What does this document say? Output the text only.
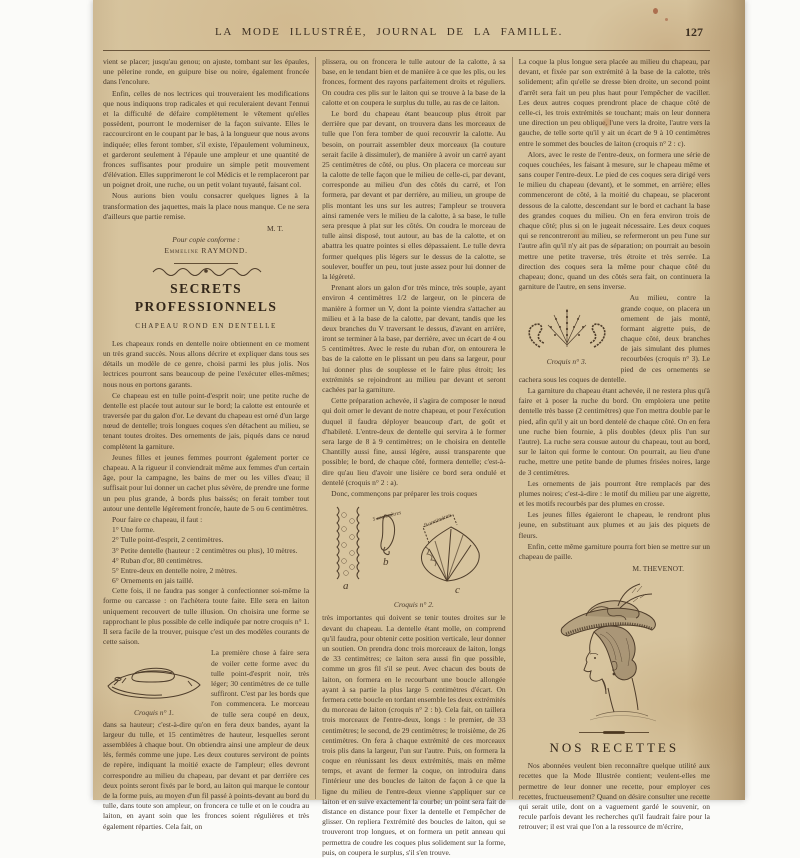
LA MODE ILLUSTRÉE, JOURNAL DE LA FAMILLE.	127

vient se placer; jusqu'au genou; on ajuste, tombant sur les épaules, une pèlerine ronde, en guipure bise ou noire, également froncée dans l'encolure.

Enfin, celles de nos lectrices qui trouveraient les modifications que nous indiquons trop radicales et qui reculeraient devant l'ennui et la difficulté de défaire complètement le vêtement qu'elles possèdent, pourront le moderniser de la façon suivante. Elles le raccourciront en le coupant par le bas, à la longueur que nous avons indiquée; elles feront tomber, s'il existe, l'épaulement volumineux, et garderont seulement à l'épaule une ampleur et une quantité de fronces suffisantes pour produire un simple petit mouvement d'élévation. Elles supprimeront le col Médicis et le remplaceront par un poignet droit, une ruche, ou un petit volant tuyauté, faisant col.

Nous aurions bien voulu consacrer quelques lignes à la transformation des jaquettes, mais la place nous manque. Ce ne sera d'ailleurs que partie remise.

M. T.

Pour copie conforme :

Emmeline RAYMOND.

SECRETS PROFESSIONNELS
CHAPEAU ROND EN DENTELLE

Les chapeaux ronds en dentelle noire obtiennent en ce moment un très grand succès. Nous allons décrire et expliquer dans tous ses détails un modèle de ce genre, choisi parmi les plus jolis. Nos lectrices pourront sans beaucoup de peine l'exécuter elles-mêmes; nous nous en portons garants.

Ce chapeau est en tulle point-d'esprit noir; une petite ruche de dentelle est placée tout autour sur le bord; la calotte est entourée et traversée par du galon d'or. Le devant du chapeau est orné d'un large nœud de dentelle; trois longues coques s'en détachent au milieu, se tenant toutes droites. Des ornements de jais, piqués dans ce nœud complètent la garniture.

Jeunes filles et jeunes femmes pourront également porter ce chapeau. A la rigueur il conviendrait même aux femmes d'un certain âge, pour la campagne, les bains de mer ou les villes d'eau; il suffisait pour lui donner un cachet plus sévère, de prendre une forme un peu plus grande, à bords plus baissés; on ferait tomber tout autour une dentelle légèrement froncée, haute de 5 ou 6 centimètres.

Pour faire ce chapeau, il faut :

1° Une forme.

2° Tulle point-d'esprit, 2 centimètres.

3° Petite dentelle (hauteur : 2 centimètres ou plus), 10 mètres.

4° Ruban d'or, 80 centimètres.

5° Entre-deux en dentelle noire, 2 mètres.

6° Ornements en jais taillé.

Cette fois, il ne faudra pas songer à confectionner soi-même la forme ou carcasse : on l'achètera toute faite. Elle sera en laiton uniquement recouvert de tulle illusion. On choisira une forme se rapprochant le plus possible de celle indiquée par notre croquis n° 1. Il sera facile de la trouver, puisque c'est un des modèles courants de cette saison.

Croquis n° 1.

La première chose à faire sera de voiler cette forme avec du tulle point-d'esprit noir, très léger; 30 centimètres de ce tulle suffiront. C'est par les bords que l'on commencera. Le morceau de tulle sera coupé en deux, dans sa hauteur; c'est-à-dire qu'on en fera deux bandes, ayant la largeur du tulle, et 15 centimètres de hauteur, lesquelles seront assemblées à chaque bout. On obtiendra ainsi une ampleur de deux lés, fermés comme une jupe. Les deux coutures serviront de points de repère, indiquant la moitié exacte de l'ampleur; elles devront correspondre au milieu du chapeau, par devant et par derrière ces deux points seront fixés par le bord, au laiton qui marque le contour de la forme puis, au moyen d'un fil passé à points-devant au bord du tulle, dans toute son ampleur, on froncera ce tulle et on le coudra au laiton, en ayant soin que les fronces soient régulières et très également réparties. Cela fait, on

plissera, ou on froncera le tulle autour de la calotte, à sa base, en le tendant bien et de manière à ce que les plis, ou les fronces, forment des rayons parfaitement droits et réguliers. On coudra ces plis sur le laiton qui se trouve à la base de la calotte et on coupera le surplus du tulle, au ras de ce laiton.

Le bord du chapeau étant beaucoup plus étroit par derrière que par devant, on trouvera dans les morceaux de tulle que l'on fera tomber de quoi recouvrir la calotte. Au besoin, on pourrait assembler deux morceaux (la couture serait facile à dissimuler), de manière à avoir un carré ayant 25 centimètres de côté, ou plus. On placera ce morceau sur la calotte de telle façon que le milieu de celle-ci, par devant, corresponde au milieu d'un des côtés du carré, et l'on formera, par devant et par derrière, au milieu, un groupe de plis montant les uns sur les autres; l'ampleur se trouvera ainsi ramenée vers le milieu de la calotte, à sa base, le tulle sera presque à plat sur les côtés. On coudra le morceau de tulle ainsi disposé, tout autour, au bas de la calotte, et on abattra les quatre pointes si elles dépassaient. Le tulle devra former quelques plis légers sur le dessus de la calotte, se soulever, bouffer un peu, tout juste assez pour lui donner de la légèreté.

Prenant alors un galon d'or très mince, très souple, ayant environ 4 centimètres 1/2 de largeur, on le pincera de manière à former un V, dont la pointe viendra s'attacher au milieu et à la base de la calotte, par devant, tandis que les deux branches du V traversant le dessus, d'avant en arrière, iront se terminer à la base, par derrière, avec un écart de 4 ou 5 centimètres. Avec le reste du ruban d'or, on entourera le bas de la calotte en le plissant un peu dans sa largeur, pour lui donner plus de souplesse et le faire plus étroit; les extrémités se rejoindront au milieu par devant et seront cachées par la garniture.

Cette préparation achevée, il s'agira de composer le nœud qui doit orner le devant de notre chapeau, et pour l'exécution duquel il faudra déployer beaucoup d'art, de goût et d'habileté. L'entre-deux de dentelle qui servira à le former sera large de 8 à 9 centimètres; on le choisira en dentelle Chantilly aussi fine, aussi légère, aussi transparente que possible; le bord, de chaque côté, formera dentelle; c'est-à-dire qu'au lieu d'avoir une lisière ce bord sera ondulé et dentelé (croquis n° 2 : a).

Donc, commençons par préparer les trois coques

a
5 centimètres
b
9 centimètres
c
Croquis n° 2.

très importantes qui doivent se tenir toutes droites sur le devant du chapeau. La dentelle étant molle, on comprend qu'il faudra, pour obtenir cette position verticale, leur donner un soutien. On prendra donc trois morceaux de laiton, longs de 33 centimètres; ce laiton sera aussi fin que possible, comme un gros fil s'il se peut. Avec chacun des bouts de laiton, on formera en le recourbant une boucle allongée ayant à sa partie la plus large 5 centimètres d'écart. On fermera cette boucle en tordant ensemble les deux extrémités du morceau de laiton (croquis n° 2 : b). Cela fait, on taillera trois morceaux de l'entre-deux, longs : le premier, de 33 centimètres; le second, de 29 centimètres; le troisième, de 26 centimètres. On fera à chaque extrémité de ces morceaux trois plis dans la largeur, l'un sur l'autre. Puis, on formera la coque en réunissant les deux extrémités, mais en même temps, et avant de fermer la coque, on introduira dans l'intérieur une des boucles de laiton de façon à ce que la ligne du milieu de l'entre-deux vienne s'appliquer sur ce laiton et en suive exactement la courbe; un point sera fait de distance en distance pour fixer la dentelle et l'empêcher de glisser. On repliera l'extrémité des boucles de laiton, qui se trouveront trop longues, et on formera un petit anneau qui permettra de coudre les coques plus solidement sur la forme, puis, on coupera le surplus, s'il s'en trouve.

La coque la plus longue sera placée au milieu du chapeau, par devant, et fixée par son extrémité à la base de la calotte, très solidement; afin qu'elle se dresse bien droite, un second point d'arrêt sera fait un peu plus haut pour l'empêcher de vaciller. Les deux autres coques prendront place de chaque côté de celle-ci, les trois extrémités se touchant; mais on leur donnera une direction un peu oblique, l'une vers la droite, l'autre vers la gauche, de telle sorte qu'il y ait un écart de 9 à 10 centimètres entre le sommet des boucles de laiton (croquis n° 2 : c).

Alors, avec le reste de l'entre-deux, on formera une série de coques couchées, les faisant à mesure, sur le chapeau même et sans couper l'entre-deux. Le pied de ces coques sera dirigé vers le milieu du chapeau (devant), et le sommet, en arrière; elles commenceront de côté, à la moitié du chapeau, se placeront dessous de la calotte, descendant sur le bord et cachant la base des grandes coques du milieu. On en fera environ trois de chaque côté; plus si on le jugeait nécessaire. Les deux coques qui se rencontreront au milieu, se refermeront un peu l'une sur l'autre afin qu'il n'y ait pas de séparation; on pourrait au besoin mettre une petite traverse, très étroite et très serrée. La direction des coques sera la même pour chaque côté du chapeau; donc, quand un des côtés sera fait, on continuera la garniture de l'autre, en sens inverse.

Croquis n° 3.

Au milieu, contre la grande coque, on placera un ornement de jais monté, formant aigrette puis, de chaque côté, deux branches de jais simulant des plumes recourbées (croquis n° 3). Le pied de ces ornements se cachera sous les coques de dentelle.

La garniture du chapeau étant achevée, il ne restera plus qu'à faire et à poser la ruche du bord. On emploiera une petite dentelle très basse (2 centimètres) que l'on mettra double par le pied, afin qu'il y ait un bord dentelé de chaque côté. On en fera une ruche bien fournie, à plis doubles (deux plis l'un sur l'autre). La ruche sera cousue autour du chapeau, tout au bord, sur le laiton qui forme le contour. On pourrait, au lieu d'une ruche, mettre une petite bande de plumes frisées noires, large de 3 centimètres.

Les ornements de jais pourront être remplacés par des plumes noires; c'est-à-dire : le motif du milieu par une aigrette, et les motifs recourbés par des plumes en crosse.

Les jeunes filles égaieront le chapeau, le rendront plus jeune, en substituant aux plumes et au jais des piquets de fleurs.

Enfin, cette même garniture pourra fort bien se mettre sur un chapeau de paille.

M. THEVENOT.

NOS RECETTES

Nos abonnées veulent bien reconnaître quelque utilité aux recettes que la Mode Illustrée contient; veulent-elles me permettre de leur donner une recette, pour employer ces recettes, fructueusement? Quand on désire consulter une recette qui serait utile, dont on a vaguement gardé le souvenir, on recule parfois devant les recherches qu'il faudrait faire pour la retrouver; il est vrai que l'on a la ressource de m'écrire,
